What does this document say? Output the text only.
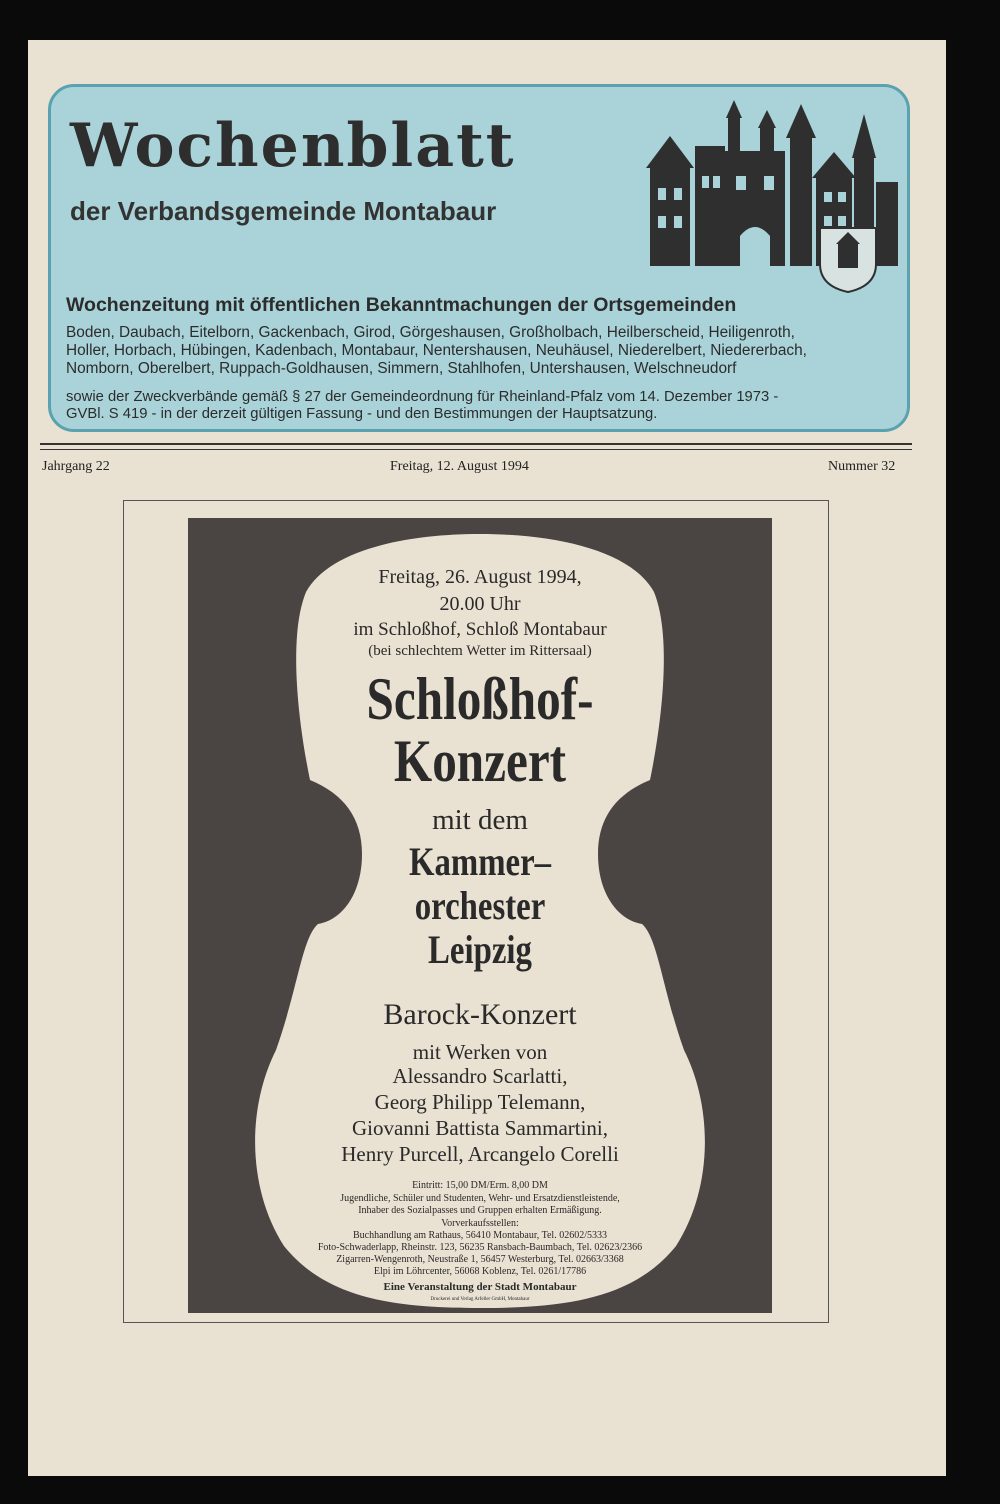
Wochenblatt
der Verbandsgemeinde Montabaur
Wochenzeitung mit öffentlichen Bekanntmachungen der Ortsgemeinden
Boden, Daubach, Eitelborn, Gackenbach, Girod, Görgeshausen, Großholbach, Heilberscheid, Heiligenroth,
Holler, Horbach, Hübingen, Kadenbach, Montabaur, Nentershausen, Neuhäusel, Niederelbert, Niedererbach,
Nomborn, Oberelbert, Ruppach-Goldhausen, Simmern, Stahlhofen, Untershausen, Welschneudorf
sowie der Zweckverbände gemäß § 27 der Gemeindeordnung für Rheinland-Pfalz vom 14. Dezember 1973 -
GVBl. S 419 - in der derzeit gültigen Fassung - und den Bestimmungen der Hauptsatzung.
Jahrgang 22	Freitag, 12. August 1994	Nummer 32

Freitag, 26. August 1994,

20.00 Uhr

im Schloßhof, Schloß Montabaur

(bei schlechtem Wetter im Rittersaal)

Schloßhof-

Konzert

mit dem

Kammer–

orchester

Leipzig

Barock-Konzert

mit Werken von

Alessandro Scarlatti,

Georg Philipp Telemann,

Giovanni Battista Sammartini,

Henry Purcell, Arcangelo Corelli

Eintritt: 15,00 DM/Erm. 8,00 DM

Jugendliche, Schüler und Studenten, Wehr- und Ersatzdienstleistende,

Inhaber des Sozialpasses und Gruppen erhalten Ermäßigung.

Vorverkaufsstellen:

Buchhandlung am Rathaus, 56410 Montabaur, Tel. 02602/5333

Foto-Schwaderlapp, Rheinstr. 123, 56235 Ransbach-Baumbach, Tel. 02623/2366

Zigarren-Wengenroth, Neustraße 1, 56457 Westerburg, Tel. 02663/3368

Elpi im Löhrcenter, 56068 Koblenz, Tel. 0261/17786

Eine Veranstaltung der Stadt Montabaur

Druckerei und Verlag Arfeller GmbH, Montabaur
